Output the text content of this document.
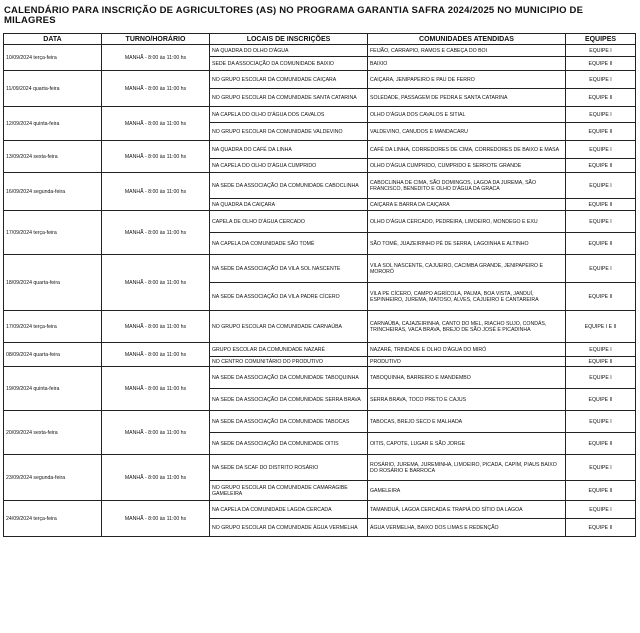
CALENDÁRIO PARA INSCRIÇÃO DE AGRICULTORES (AS) NO PROGRAMA GARANTIA SAFRA 2024/2025 NO MUNICIPIO DE MILAGRES
DATA	TURNO/HORÁRIO	LOCAIS DE INSCRIÇÕES	COMUNIDADES ATENDIDAS	EQUIPES
10/09/2024 terça-feira	MANHÃ - 8:00 às 11:00 hs	NA QUADRA DO OLHO D'ÁGUA	FEIJÃO, CARRAPIO, RAMOS E CABEÇA DO BOI	EQUIPE I
		SEDE DA ASSOCIAÇÃO DA COMUNIDADE BAIXIO	BAIXIO	EQUIPE II
11/09/2024 quarta-feira	MANHÃ - 8:00 às 11:00 hs	NO GRUPO ESCOLAR DA COMUNIDADE CAIÇARA	CAIÇARA, JENIPAPEIRO E PAU DE FERRO	EQUIPE I
		NO GRUPO ESCOLAR DA COMUNIDADE SANTA CATARINA	SOLEDADE, PASSAGEM DE PEDRA E SANTA CATARINA	EQUIPE II
12/09/2024 quinta-feira	MANHÃ - 8:00 às 11:00 hs	NA CAPELA DO OLHO D'ÁGUA DOS CAVALOS	OLHO D'ÁGUA DOS CAVALOS E SITIAL	EQUIPE I
		NO GRUPO ESCOLAR DA COMUNIDADE VALDEVINO	VALDEVINO, CANUDOS E MANDACARU	EQUIPE II
13/09/2024 sexta-feira	MANHÃ - 8:00 às 11:00 hs	NA QUADRA DO CAFÉ DA LINHA	CAFÉ DA LINHA, CORREDORES DE CIMA, CORREDORES DE BAIXO E MASA	EQUIPE I
		NA CAPELA DO OLHO D'ÁGUA CUMPRIDO	OLHO D'ÁGUA CUMPRIDO, CUMPRIDO E SERROTE GRANDE	EQUIPE II
16/09/2024 segunda-feira	MANHÃ - 8:00 às 11:00 hs	NA SEDE DA ASSOCIAÇÃO DA COMUNIDADE CABOCLINHA	CABOCLINHA DE CIMA, SÃO DOMINGOS, LAGOA DA JUREMA, SÃO FRANCISCO, BENEDITO E OLHO D'ÁGUA DA GRACA	EQUIPE I
		NA QUADRA DA CAIÇARA	CAIÇARA E BARRA DA CAIÇARA	EQUIPE II
17/09/2024 terça-feira	MANHÃ - 8:00 às 11:00 hs	CAPELA DE OLHO D'ÁGUA CERCADO	OLHO D'ÁGUA CERCADO, PEDREIRA, LIMOEIRO, MONDEGO E EXU	EQUIPE I
		NA CAPELA DA COMUNIDADE SÃO TOMÉ	SÃO TOMÉ, JUAZEIRINHO PÉ DE SERRA, LAGOINHA E ALTINHO	EQUIPE II
18/09/2024 quarta-feira	MANHÃ - 8:00 às 11:00 hs	NA SEDE DA ASSOCIAÇÃO DA VILA SOL NASCENTE	VILA SOL NASCENTE, CAJUEIRO, CACIMBA GRANDE, JENIPAPEIRO E MORORÓ	EQUIPE I
		NA SEDE DA ASSOCIAÇÃO DA VILA PADRE CÍCERO	VILA PE CÍCERO, CAMPO AGRÍCOLA, PALMA, BOA VISTA, JANDUÍ, ESPINHEIRO, JUREMA, MATOSO, ALVES, CAJUEIRO E CANTAREIRA	EQUIPE II
17/09/2024 terça-feira	MANHÃ - 8:00 às 11:00 hs	NO GRUPO ESCOLAR DA COMUNIDADE CARNAÚBA	CARNAÚBA, CAJAZEIRINHA, CANTO DO MEL, RIACHO SUJO, CONDÁS, TRINCHEIRAS, VACA BRAVA, BREJO DE SÃO JOSÉ E PICADINHA	EQUIPE I E II
08/09/2024 quarta-feira	MANHÃ - 8:00 às 11:00 hs	GRUPO ESCOLAR DA COMUNIDADE NAZARÉ	NAZARÉ, TRINDADE E OLHO D'ÁGUA DO MIRÓ	EQUIPE I
		NO CENTRO COMUNITÁRIO DO PRODUTIVO	PRODUTIVO	EQUIPE II
19/09/2024 quinta-feira	MANHÃ - 8:00 às 11:00 hs	NA SEDE DA ASSOCIAÇÃO DA COMUNIDADE TABOQUINHA	TABOQUINHA, BARREIRO E MANDEMBO	EQUIPE I
		NA SEDE DA ASSOCIAÇÃO DA COMUNIDADE SERRA BRAVA	SERRA BRAVA, TOCO PRETO E CAJUS	EQUIPE II
20/09/2024 sexta-feira	MANHÃ - 8:00 às 11:00 hs	NA SEDE DA ASSOCIAÇÃO DA COMUNIDADE TABOCAS	TABOCAS, BREJO SECO E MALHADA	EQUIPE I
		NA SEDE DA ASSOCIAÇÃO DA COMUNIDADE OITIS	OITIS, CAPOTE, LUGAR E SÃO JORGE	EQUIPE II
23/09/2024 segunda-feira	MANHÃ - 8:00 às 11:00 hs	NA SEDE DA SCAF DO DISTRITO ROSÁRIO	ROSÁRIO, JUREMA, JUREMINHA, LIMOEIRO, PICADA, CAPIM, PIAUS BAIXO DO ROSÁRIO E BARROCA	EQUIPE I
		NO GRUPO ESCOLAR DA COMUNIDADE CAMARAGIBE GAMELEIRA	GAMELEIRA	EQUIPE II
24/09/2024 terça-feira	MANHÃ - 8:00 às 11:00 hs	NA CAPELA DA COMUNIDADE LAGOA CERCADA	TAMANDUÁ, LAGOA CERCADA E TRAPIÁ DO SÍTIO DA LAGOA	EQUIPE I
		NO GRUPO ESCOLAR DA COMUNIDADE ÁGUA VERMELHA	ÁGUA VERMELHA, BAIXO DOS LIMAS E REDENÇÃO	EQUIPE II
